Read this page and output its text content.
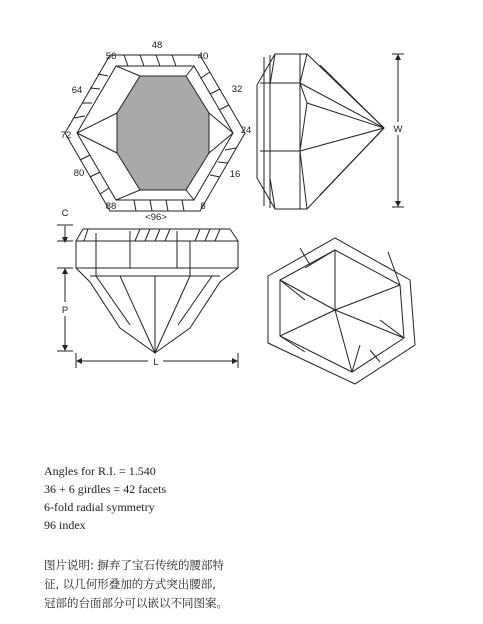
48
56	40
64	32
72	24
80	16
88
<96>
8
W
C
P
L
Angles for R.I. = 1.540
36 + 6 girdles = 42 facets
6-fold radial symmetry
96 index
图片说明: 摒弃了宝石传统的腰部特
征, 以几何形叠加的方式突出腰部,
冠部的台面部分可以嵌以不同图案。
